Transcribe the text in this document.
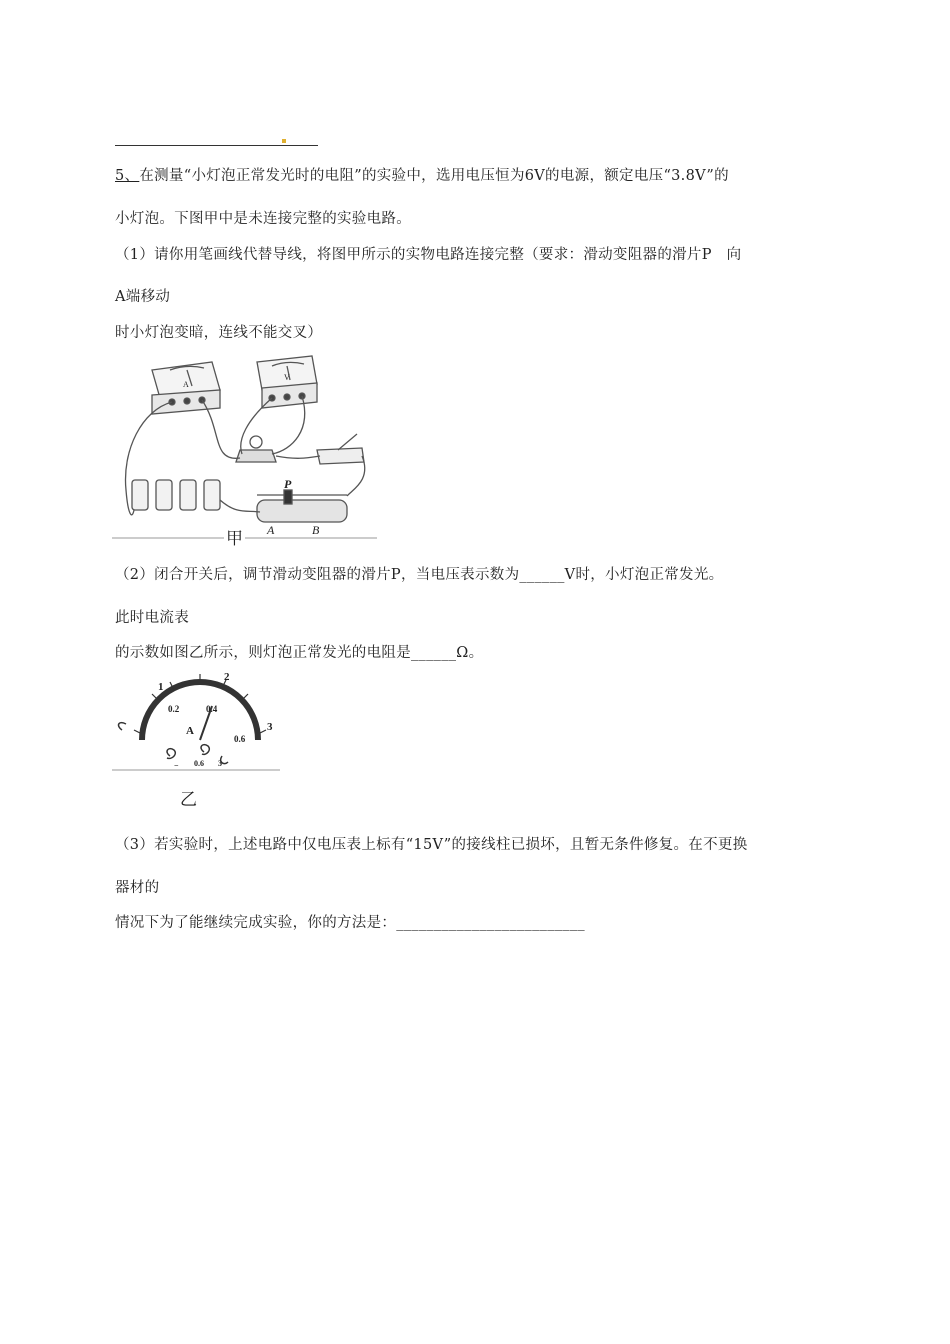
5、在测量“小灯泡正常发光时的电阻”的实验中，选用电压恒为6V的电源，额定电压“3.8V”的
小灯泡。下图甲中是未连接完整的实验电路。
（1）请你用笔画线代替导线，将图甲所示的实物电路连接完整（要求：滑动变阻器的滑片P　向
A端移动
时小灯泡变暗，连线不能交叉）
A
V
P
A	B
甲
（2）闭合开关后，调节滑动变阻器的滑片P，当电压表示数为______V时，小灯泡正常发光。
此时电流表
的示数如图乙所示，则灯泡正常发光的电阻是______Ω。
1
2
3
0.2	0.4
0.6
A
− 0.6 3
乙
（3）若实验时，上述电路中仅电压表上标有“15V”的接线柱已损坏，且暂无条件修复。在不更换
器材的
情况下为了能继续完成实验，你的方法是：_________________________
